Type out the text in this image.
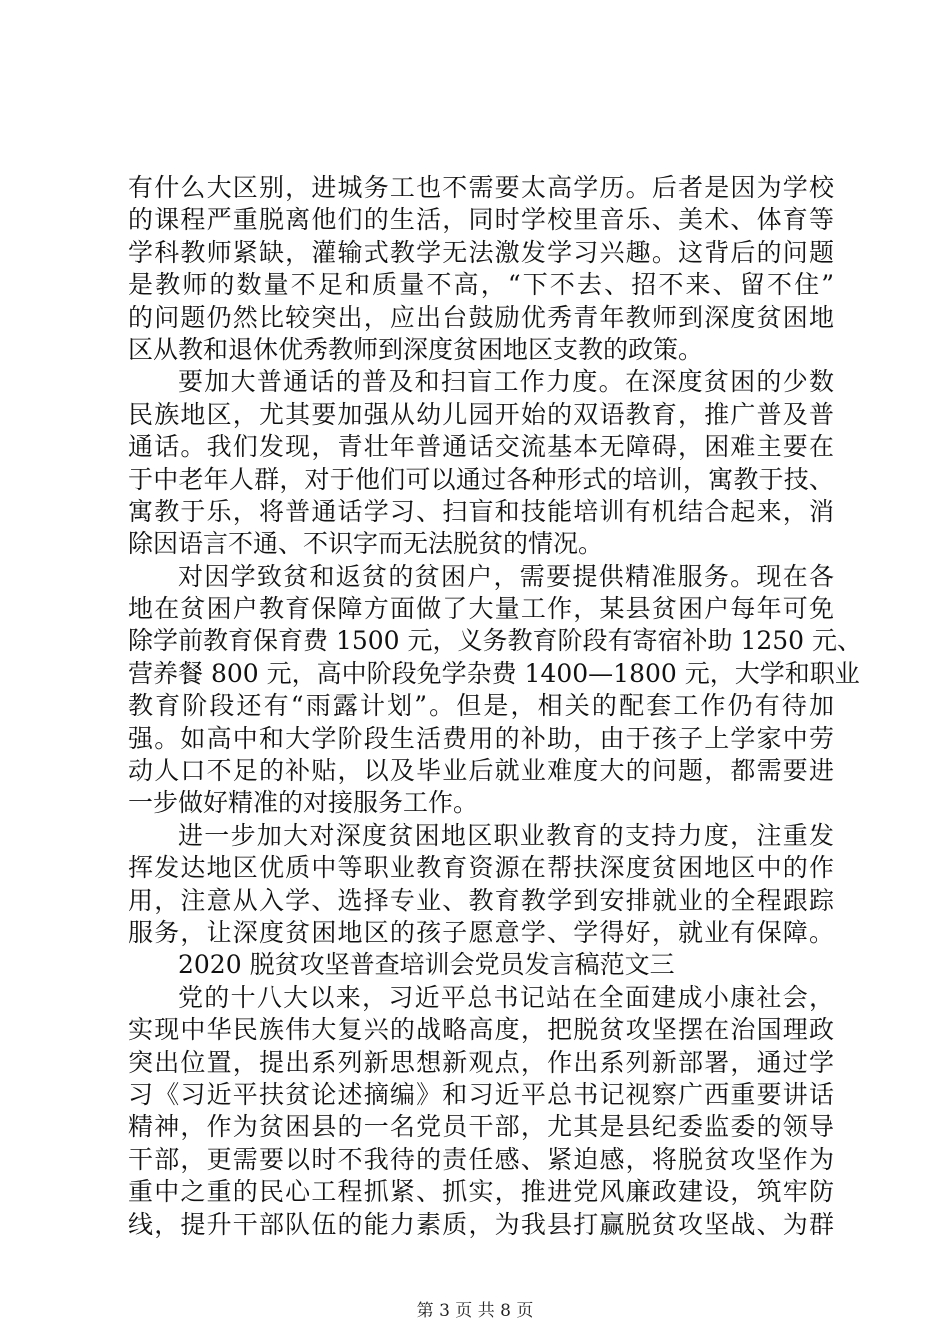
有什么大区别，进城务工也不需要太高学历。后者是因为学校
的课程严重脱离他们的生活，同时学校里音乐、美术、体育等
学科教师紧缺，灌输式教学无法激发学习兴趣。这背后的问题
是教师的数量不足和质量不高，“下不去、招不来、留不住”
的问题仍然比较突出，应出台鼓励优秀青年教师到深度贫困地
区从教和退休优秀教师到深度贫困地区支教的政策。
要加大普通话的普及和扫盲工作力度。在深度贫困的少数
民族地区，尤其要加强从幼儿园开始的双语教育，推广普及普
通话。我们发现，青壮年普通话交流基本无障碍，困难主要在
于中老年人群，对于他们可以通过各种形式的培训，寓教于技、
寓教于乐，将普通话学习、扫盲和技能培训有机结合起来，消
除因语言不通、不识字而无法脱贫的情况。
对因学致贫和返贫的贫困户，需要提供精准服务。现在各
地在贫困户教育保障方面做了大量工作，某县贫困户每年可免
除学前教育保育费 1500 元，义务教育阶段有寄宿补助 1250 元、
营养餐 800 元，高中阶段免学杂费 1400—1800 元，大学和职业
教育阶段还有“雨露计划”。但是，相关的配套工作仍有待加
强。如高中和大学阶段生活费用的补助，由于孩子上学家中劳
动人口不足的补贴，以及毕业后就业难度大的问题，都需要进
一步做好精准的对接服务工作。
进一步加大对深度贫困地区职业教育的支持力度，注重发
挥发达地区优质中等职业教育资源在帮扶深度贫困地区中的作
用，注意从入学、选择专业、教育教学到安排就业的全程跟踪
服务，让深度贫困地区的孩子愿意学、学得好，就业有保障。
2020 脱贫攻坚普查培训会党员发言稿范文三
党的十八大以来，习近平总书记站在全面建成小康社会，
实现中华民族伟大复兴的战略高度，把脱贫攻坚摆在治国理政
突出位置，提出系列新思想新观点，作出系列新部署，通过学
习《习近平扶贫论述摘编》和习近平总书记视察广西重要讲话
精神，作为贫困县的一名党员干部，尤其是县纪委监委的领导
干部，更需要以时不我待的责任感、紧迫感，将脱贫攻坚作为
重中之重的民心工程抓紧、抓实，推进党风廉政建设，筑牢防
线，提升干部队伍的能力素质，为我县打赢脱贫攻坚战、为群
第 3 页 共 8 页
